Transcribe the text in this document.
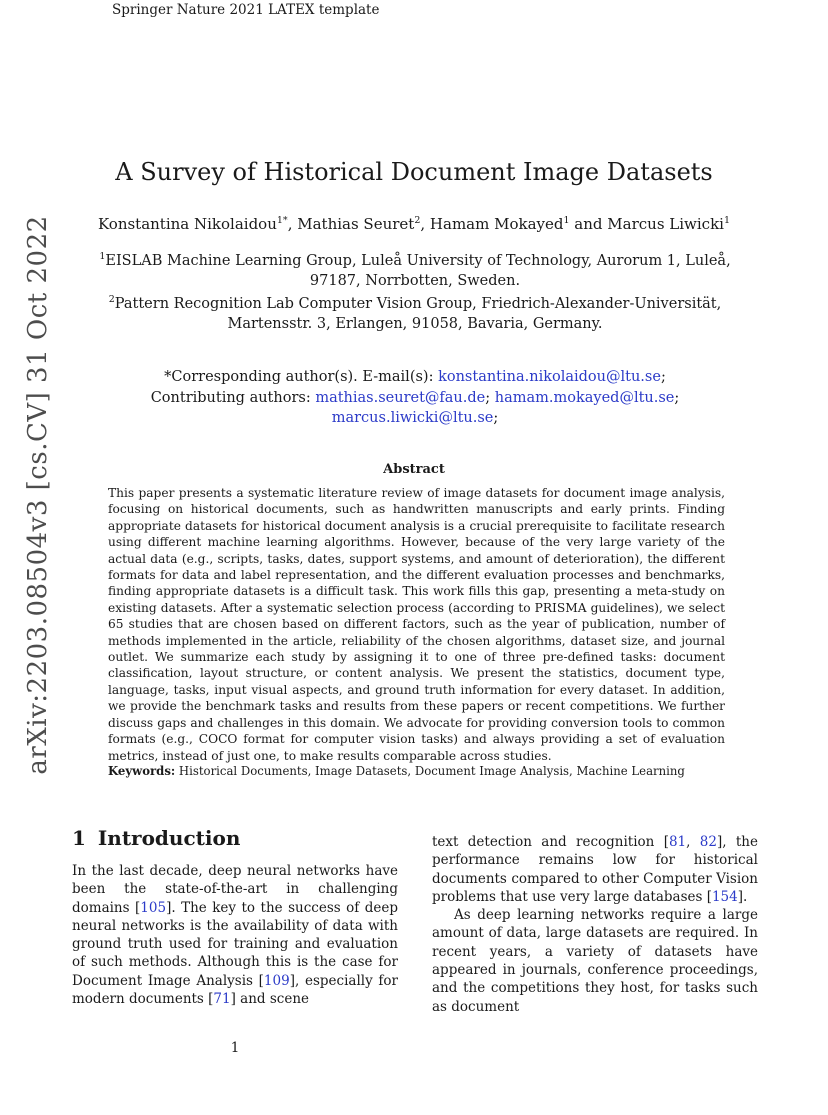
Springer Nature 2021 LATEX template
arXiv:2203.08504v3 [cs.CV] 31 Oct 2022
A Survey of Historical Document Image Datasets
Konstantina Nikolaidou$^{1*}$, Mathias Seuret$^2$, Hamam Mokayed$^1$ and Marcus Liwicki$^1$
$^1$EISLAB Machine Learning Group, Luleå University of Technology, Aurorum 1, Luleå, 97187, Norrbotten, Sweden.
$^2$Pattern Recognition Lab Computer Vision Group, Friedrich-Alexander-Universität, Martensstr. 3, Erlangen, 91058, Bavaria, Germany.
*Corresponding author(s). E-mail(s): konstantina.nikolaidou@ltu.se;
Contributing authors: mathias.seuret@fau.de; hamam.mokayed@ltu.se;
marcus.liwicki@ltu.se;
Abstract
This paper presents a systematic literature review of image datasets for document image analysis, focusing on historical documents, such as handwritten manuscripts and early prints. Finding appropriate datasets for historical document analysis is a crucial prerequisite to facilitate research using different machine learning algorithms. However, because of the very large variety of the actual data (e.g., scripts, tasks, dates, support systems, and amount of deterioration), the different formats for data and label representation, and the different evaluation processes and benchmarks, finding appropriate datasets is a difficult task. This work fills this gap, presenting a meta-study on existing datasets. After a systematic selection process (according to PRISMA guidelines), we select 65 studies that are chosen based on different factors, such as the year of publication, number of methods implemented in the article, reliability of the chosen algorithms, dataset size, and journal outlet. We summarize each study by assigning it to one of three pre-defined tasks: document classification, layout structure, or content analysis. We present the statistics, document type, language, tasks, input visual aspects, and ground truth information for every dataset. In addition, we provide the benchmark tasks and results from these papers or recent competitions. We further discuss gaps and challenges in this domain. We advocate for providing conversion tools to common formats (e.g., COCO format for computer vision tasks) and always providing a set of evaluation metrics, instead of just one, to make results comparable across studies.
Keywords: Historical Documents, Image Datasets, Document Image Analysis, Machine Learning
1 Introduction
In the last decade, deep neural networks have been the state-of-the-art in challenging domains [105]. The key to the success of deep neural networks is the availability of data with ground truth used for training and evaluation of such methods. Although this is the case for Document Image Analysis [109], especially for modern documents [71] and scene
text detection and recognition [81, 82], the performance remains low for historical documents compared to other Computer Vision problems that use very large databases [154].
As deep learning networks require a large amount of data, large datasets are required. In recent years, a variety of datasets have appeared in journals, conference proceedings, and the competitions they host, for tasks such as document
1
